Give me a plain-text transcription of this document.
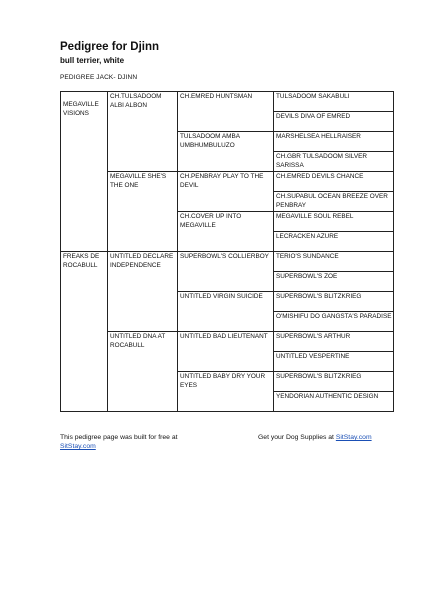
Pedigree for Djinn
bull terrier, white
PEDIGREE JACK- DJINN
MEGAVILLE VISIONS	CH.TULSADOOM ALBI ALBON	CH.EMRED HUNTSMAN	TULSADOOM SAKABULI
			DEVILS DIVA OF EMRED
		TULSADOOM AMBA UMBHUMBULUZO	MARSHELSEA HELLRAISER
			CH.GBR TULSADOOM SILVER SARISSA
	MEGAVILLE SHE'S THE ONE	CH.PENBRAY PLAY TO THE DEVIL	CH.EMRED DEVILS CHANCE
			CH.SUPABUL OCEAN BREEZE OVER PENBRAY
		CH.COVER UP INTO MEGAVILLE	MEGAVILLE SOUL REBEL
			LECRACKEN AZURE
FREAKS DE ROCABULL	UNTITLED DECLARE INDEPENDENCE	SUPERBOWL'S COLLIERBOY	TERIO'S SUNDANCE
			SUPERBOWL'S ZOE
		UNTITLED VIRGIN SUICIDE	SUPERBOWL'S BLITZKRIEG
			O'MISHIFU DO GANGSTA'S PARADISE
	UNTITLED DNA AT ROCABULL	UNTITLED BAD LIEUTENANT	SUPERBOWL'S ARTHUR
			UNTITLED VESPERTINE
		UNTITLED BABY DRY YOUR EYES	SUPERBOWL'S BLITZKRIEG
			YENDORIAN AUTHENTIC DESIGN
This pedigree page was built for free at
SitStay.com
Get your Dog Supplies at SitStay.com
